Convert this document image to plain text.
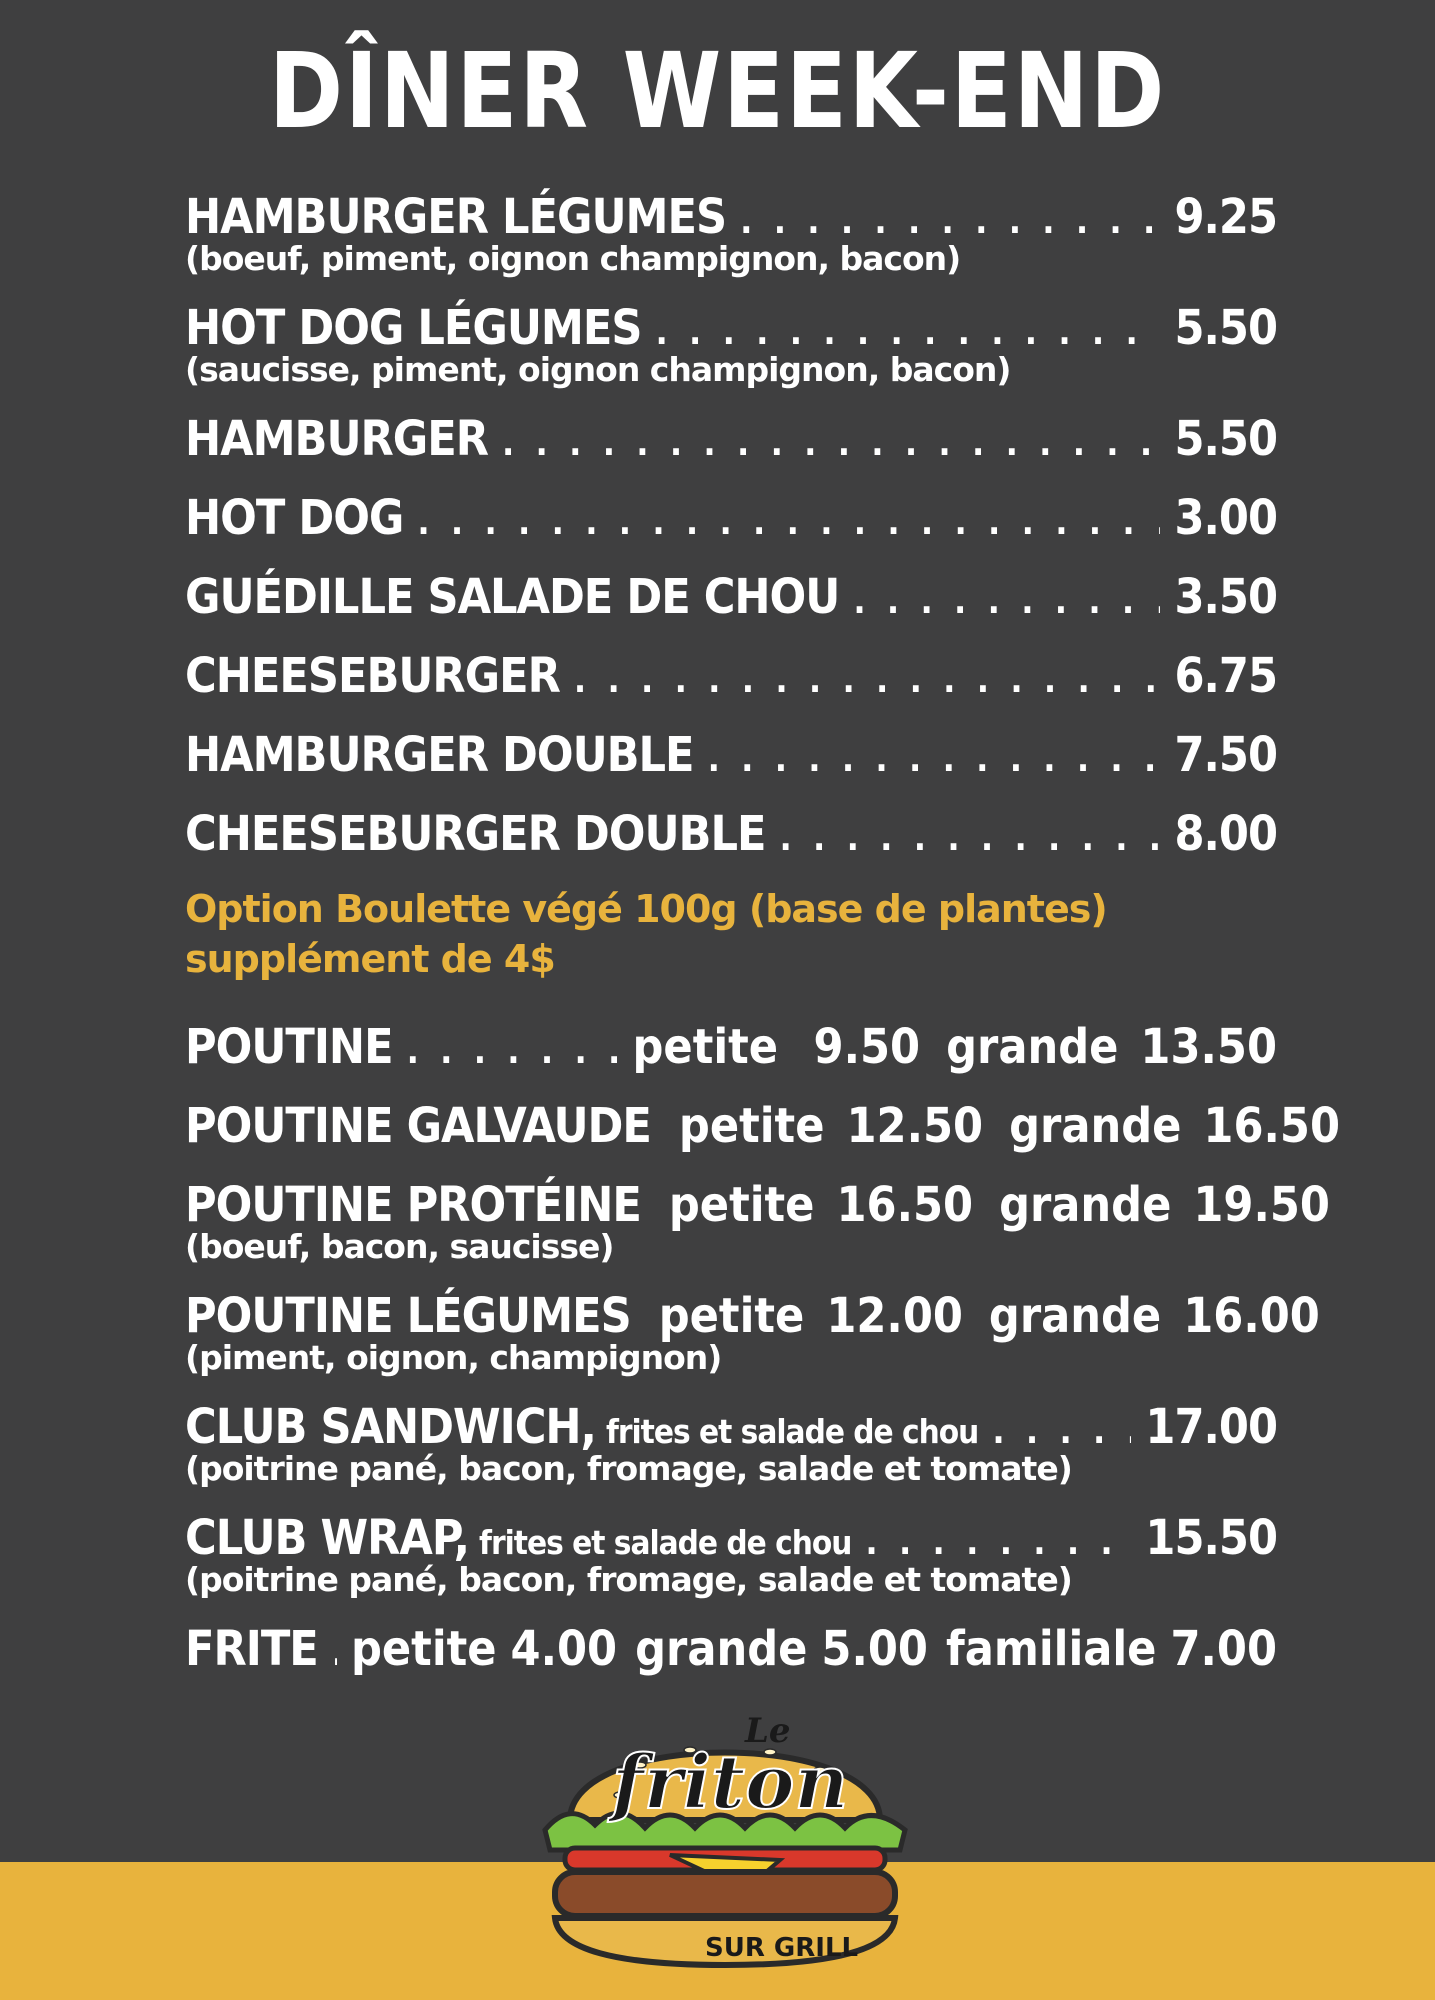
DÎNER WEEK-END
HAMBURGER LÉGUMES . . .	9.25
(boeuf, piment, oignon champignon, bacon)
HOT DOG LÉGUMES . . .	5.50
(saucisse, piment, oignon champignon, bacon)
HAMBURGER . . .	5.50
HOT DOG . . .	3.00
GUÉDILLE SALADE DE CHOU . . .	3.50
CHEESEBURGER . . .	6.75
HAMBURGER DOUBLE . . .	7.50
CHEESEBURGER DOUBLE . . .	8.00
Option Boulette végé 100g (base de plantes) supplément de 4$
POUTINE . . .	petite 9.50 grande 13.50
POUTINE GALVAUDE petite 12.50 grande 16.50
POUTINE PROTÉINE petite 16.50 grande 19.50
(boeuf, bacon, saucisse)
POUTINE LÉGUMES petite 12.00 grande 16.00
(piment, oignon, champignon)
CLUB SANDWICH, frites et salade de chou . . .	17.00
(poitrine pané, bacon, fromage, salade et tomate)
CLUB WRAP, frites et salade de chou . . .	15.50
(poitrine pané, bacon, fromage, salade et tomate)
FRITE . . . petite 4.00 grande 5.00 familiale 7.00
Le
friton
SUR GRILL
